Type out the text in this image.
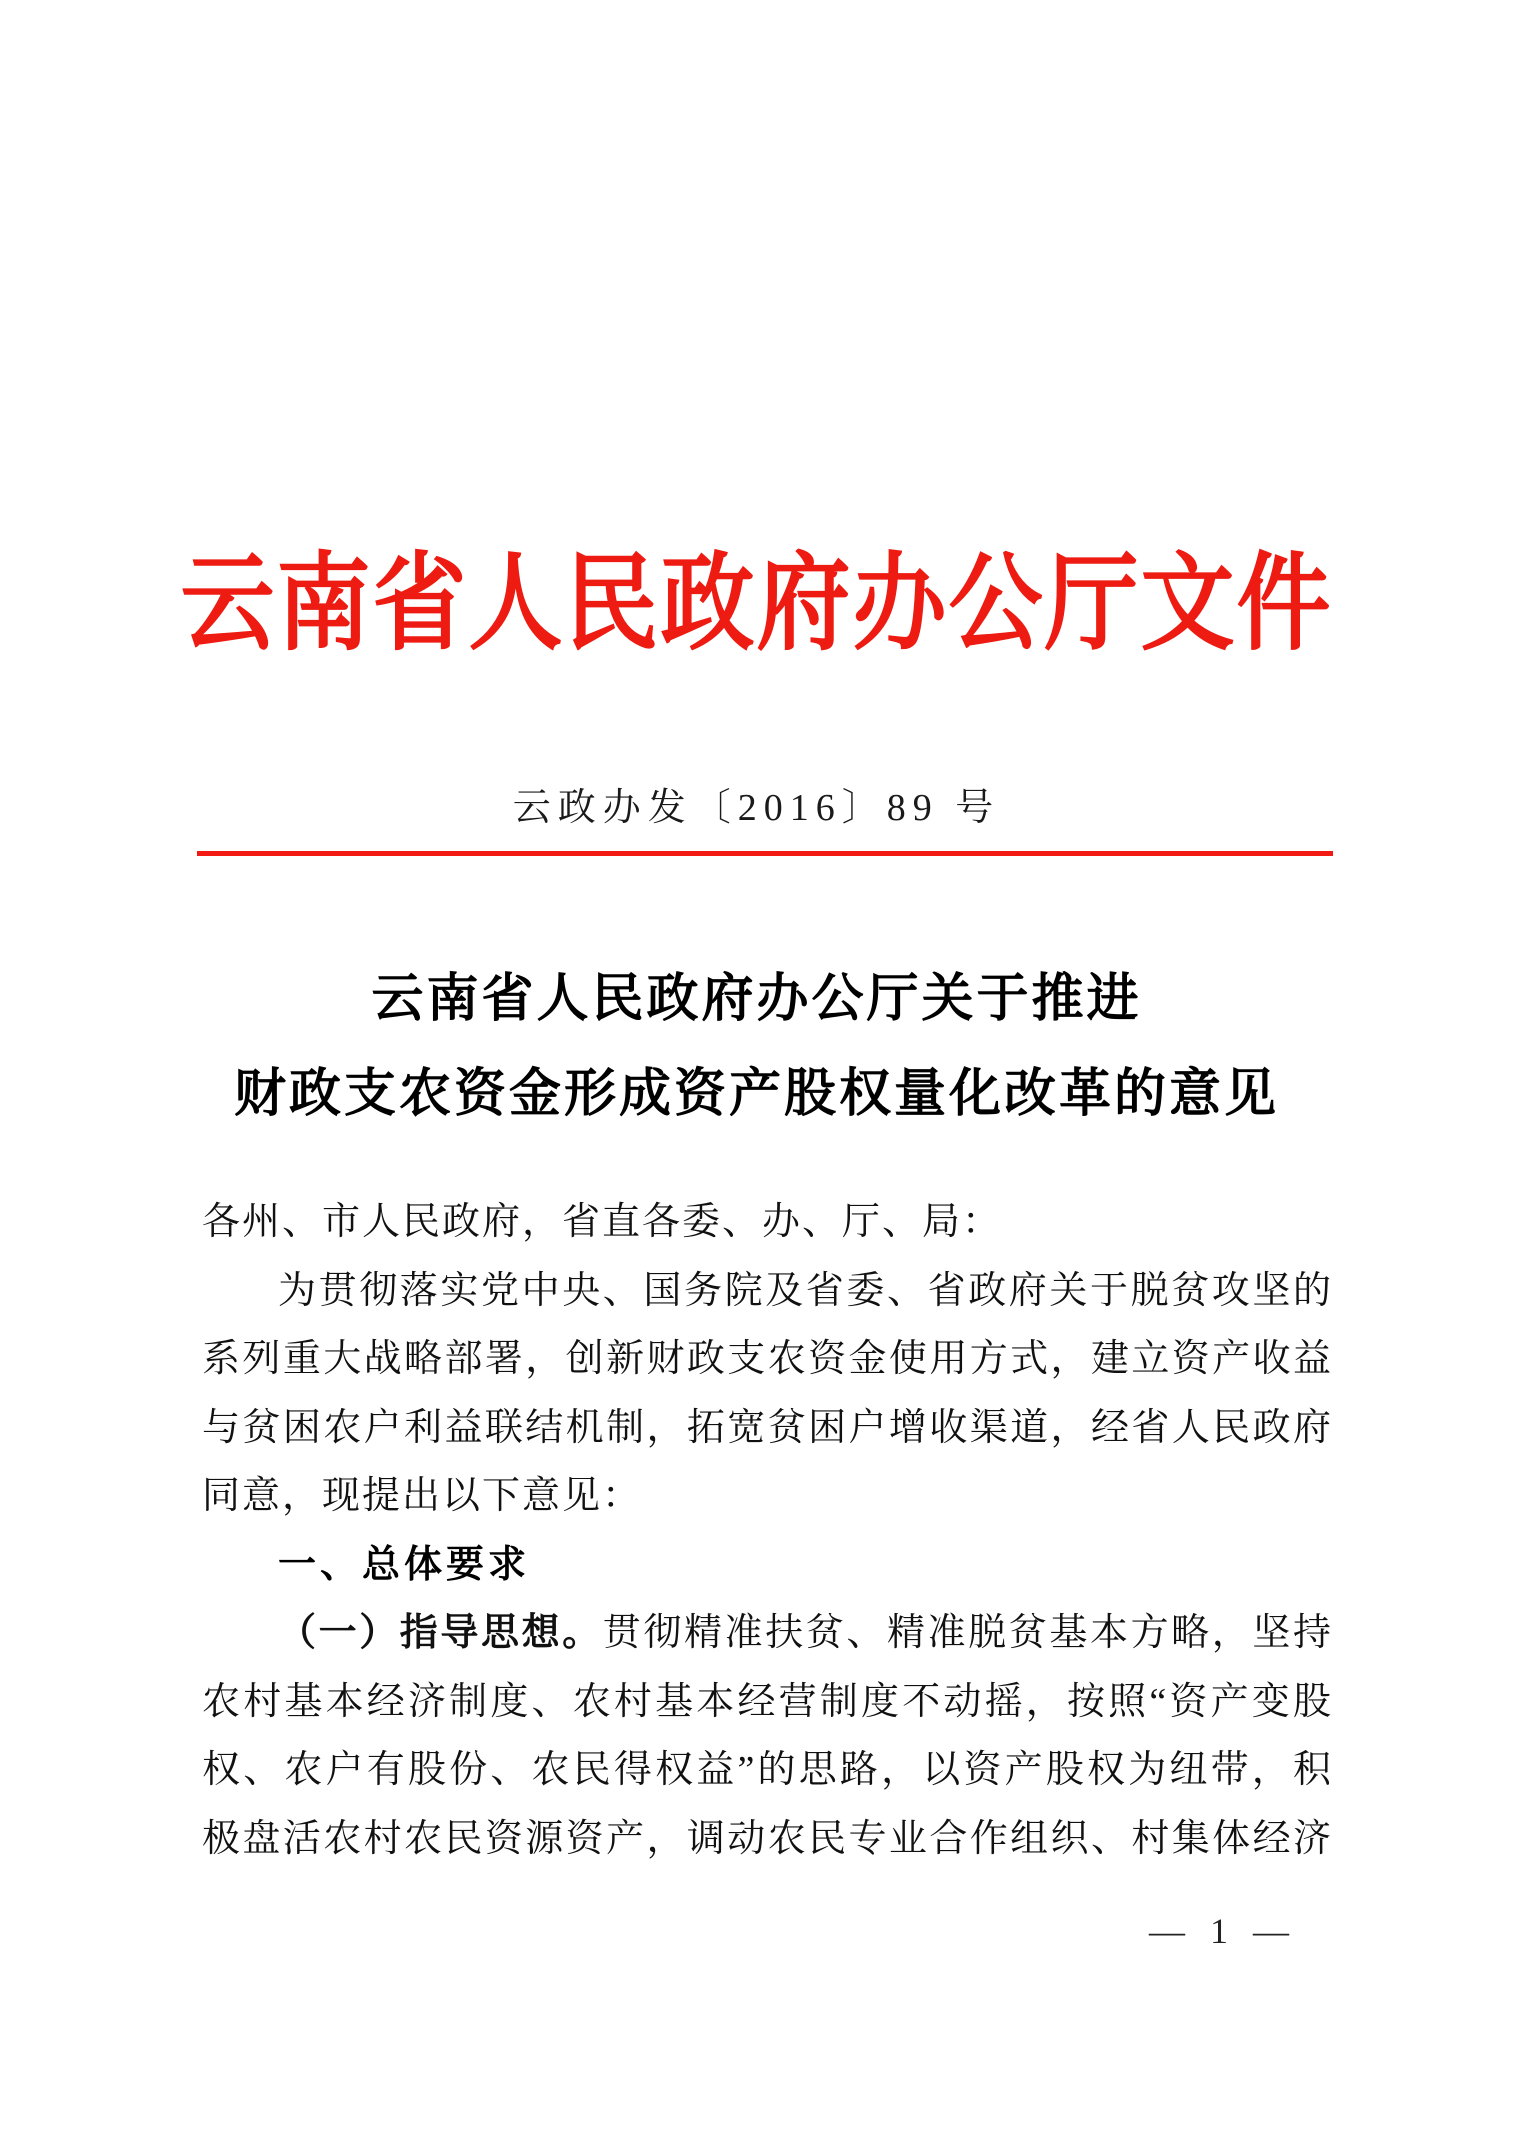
云南省人民政府办公厅文件
云政办发〔2016〕89 号
云南省人民政府办公厅关于推进
财政支农资金形成资产股权量化改革的意见
各州、市人民政府，省直各委、办、厅、局：
为贯彻落实党中央、国务院及省委、省政府关于脱贫攻坚的
系列重大战略部署，创新财政支农资金使用方式，建立资产收益
与贫困农户利益联结机制，拓宽贫困户增收渠道，经省人民政府
同意，现提出以下意见：
一、总体要求
（一）指导思想。贯彻精准扶贫、精准脱贫基本方略，坚持
农村基本经济制度、农村基本经营制度不动摇，按照“资产变股
权、农户有股份、农民得权益”的思路，以资产股权为纽带，积
极盘活农村农民资源资产，调动农民专业合作组织、村集体经济
— 1 —
